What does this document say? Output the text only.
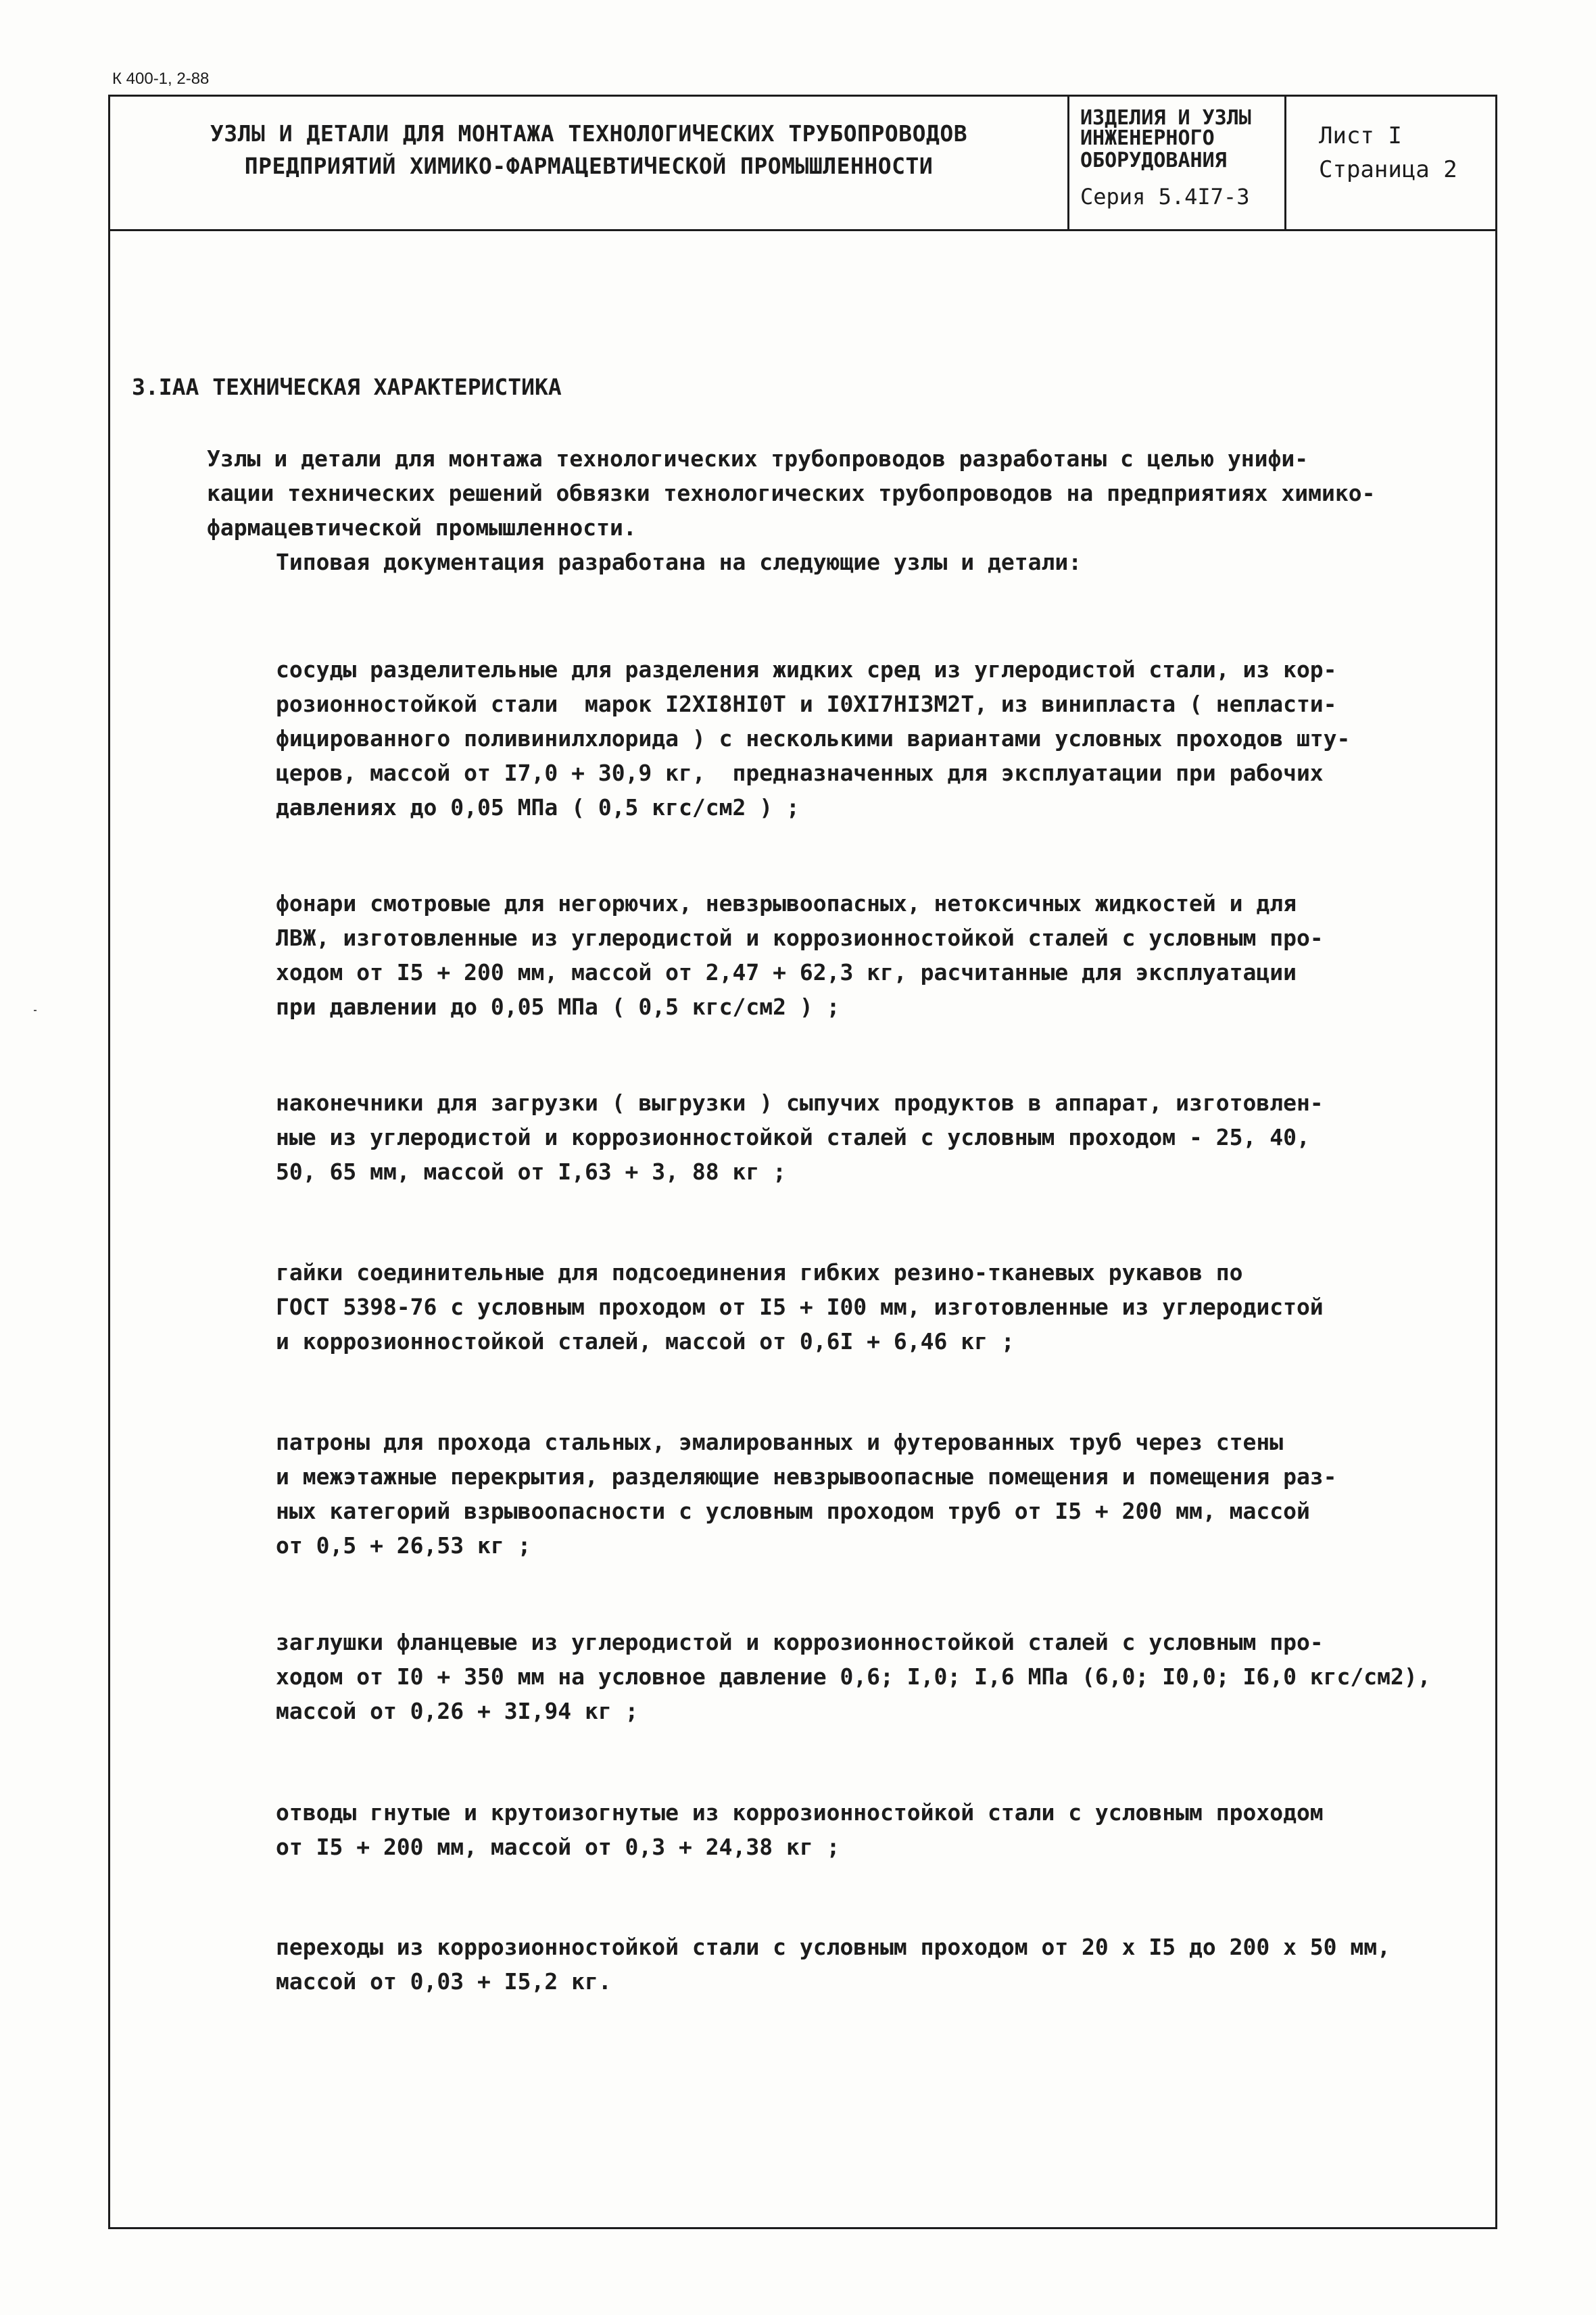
К 400-1, 2-88
УЗЛЫ И ДЕТАЛИ ДЛЯ МОНТАЖА ТЕХНОЛОГИЧЕСКИХ ТРУБОПРОВОДОВ
ПРЕДПРИЯТИЙ ХИМИКО-ФАРМАЦЕВТИЧЕСКОЙ ПРОМЫШЛЕННОСТИ
ИЗДЕЛИЯ И УЗЛЫ
ИНЖЕНЕРНОГО
ОБОРУДОВАНИЯ
Серия 5.4I7-3
Лист I
Страница 2
3.IАА ТЕХНИЧЕСКАЯ ХАРАКТЕРИСТИКА

Узлы и детали для монтажа технологических трубопроводов разработаны с целью унифи-
кации технических решений обвязки технологических трубопроводов на предприятиях химико-
фармацевтической промышленности.

Типовая документация разработана на следующие узлы и детали:

сосуды разделительные для разделения жидких сред из углеродистой стали, из кор-
розионностойкой стали  марок I2XI8HI0T и I0XI7HI3M2T, из винипласта ( непласти-
фицированного поливинилхлорида ) с несколькими вариантами условных проходов шту-
церов, массой от I7,0 + 30,9 кг,  предназначенных для эксплуатации при рабочих
давлениях до 0,05 МПа ( 0,5 кгс/см2 ) ;

фонари смотровые для негорючих, невзрывоопасных, нетоксичных жидкостей и для
ЛВЖ, изготовленные из углеродистой и коррозионностойкой сталей с условным про-
ходом от I5 + 200 мм, массой от 2,47 + 62,3 кг, расчитанные для эксплуатации
при давлении до 0,05 МПа ( 0,5 кгс/см2 ) ;

наконечники для загрузки ( выгрузки ) сыпучих продуктов в аппарат, изготовлен-
ные из углеродистой и коррозионностойкой сталей с условным проходом - 25, 40,
50, 65 мм, массой от I,63 + 3, 88 кг ;

гайки соединительные для подсоединения гибких резино-тканевых рукавов по
ГОСТ 5398-76 с условным проходом от I5 + I00 мм, изготовленные из углеродистой
и коррозионностойкой сталей, массой от 0,6I + 6,46 кг ;

патроны для прохода стальных, эмалированных и футерованных труб через стены
и межэтажные перекрытия, разделяющие невзрывоопасные помещения и помещения раз-
ных категорий взрывоопасности с условным проходом труб от I5 + 200 мм, массой
от 0,5 + 26,53 кг ;

заглушки фланцевые из углеродистой и коррозионностойкой сталей с условным про-
ходом от I0 + 350 мм на условное давление 0,6; I,0; I,6 МПа (6,0; I0,0; I6,0 кгс/см2),
массой от 0,26 + 3I,94 кг ;

отводы гнутые и крутоизогнутые из коррозионностойкой стали с условным проходом
от I5 + 200 мм, массой от 0,3 + 24,38 кг ;

переходы из коррозионностойкой стали с условным проходом от 20 x I5 до 200 x 50 мм,
массой от 0,03 + I5,2 кг.
